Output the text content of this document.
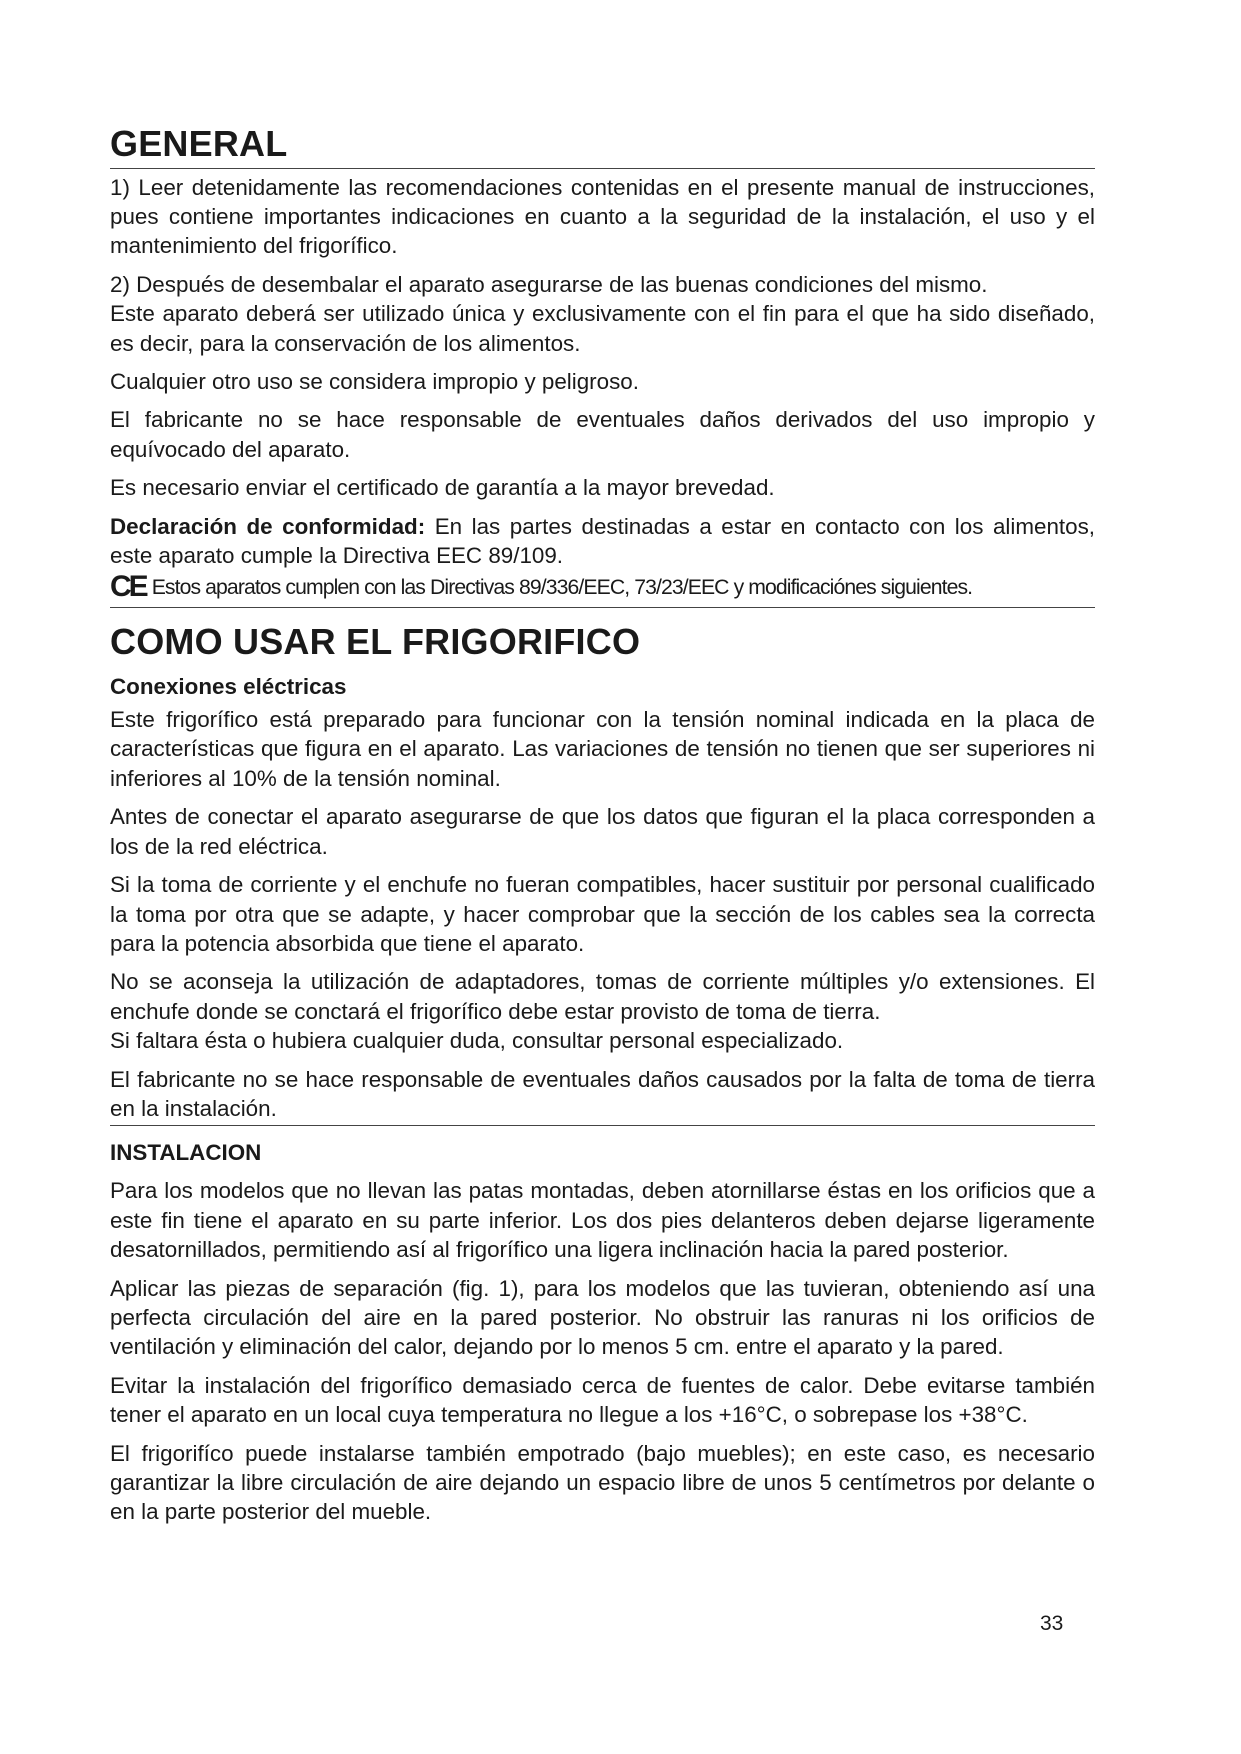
GENERAL

1) Leer detenidamente las recomendaciones contenidas en el presente manual de instrucciones, pues contiene importantes indicaciones en cuanto a la seguridad de la instalación, el uso y el mantenimiento del frigorífico.

2) Después de desembalar el aparato asegurarse de las buenas condiciones del mismo.

Este aparato deberá ser utilizado única y exclusivamente con el fin para el que ha sido diseñado, es decir, para la conservación de los alimentos.

Cualquier otro uso se considera impropio y peligroso.

El fabricante no se hace responsable de eventuales daños derivados del uso impropio y equívocado del aparato.

Es necesario enviar el certificado de garantía a la mayor brevedad.

Declaración de conformidad: En las partes destinadas a estar en contacto con los alimentos, este aparato cumple la Directiva EEC 89/109.

CE Estos aparatos cumplen con las Directivas 89/336/EEC, 73/23/EEC y modificaciónes siguientes.
COMO USAR EL FRIGORIFICO
Conexiones eléctricas

Este frigorífico está preparado para funcionar con la tensión nominal indicada en la placa de características que figura en el aparato. Las variaciones de tensión no tienen que ser superiores ni inferiores al 10% de la tensión nominal.

Antes de conectar el aparato asegurarse de que los datos que figuran el la placa corresponden a los de la red eléctrica.

Si la toma de corriente y el enchufe no fueran compatibles, hacer sustituir por personal cualificado la toma por otra que se adapte, y hacer comprobar que la sección de los cables sea la correcta para la potencia absorbida que tiene el aparato.

No se aconseja la utilización de adaptadores, tomas de corriente múltiples y/o extensiones. El enchufe donde se conctará el frigorífico debe estar provisto de toma de tierra.

Si faltara ésta o hubiera cualquier duda, consultar personal especializado.

El fabricante no se hace responsable de eventuales daños causados por la falta de toma de tierra en la instalación.

INSTALACION

Para los modelos que no llevan las patas montadas, deben atornillarse éstas en los orificios que a este fin tiene el aparato en su parte inferior. Los dos pies delanteros deben dejarse ligeramente desatornillados, permitiendo así al frigorífico una ligera inclinación hacia la pared posterior.

Aplicar las piezas de separación (fig. 1), para los modelos que las tuvieran, obteniendo así una perfecta circulación del aire en la pared posterior. No obstruir las ranuras ni los orificios de ventilación y eliminación del calor, dejando por lo menos 5 cm. entre el aparato y la pared.

Evitar la instalación del frigorífico demasiado cerca de fuentes de calor. Debe evitarse también tener el aparato en un local cuya temperatura no llegue a los +16°C, o sobrepase los +38°C.

El frigorifíco puede instalarse también empotrado (bajo muebles); en este caso, es necesario garantizar la libre circulación de aire dejando un espacio libre de unos 5 centímetros por delante o en la parte posterior del mueble.

33
